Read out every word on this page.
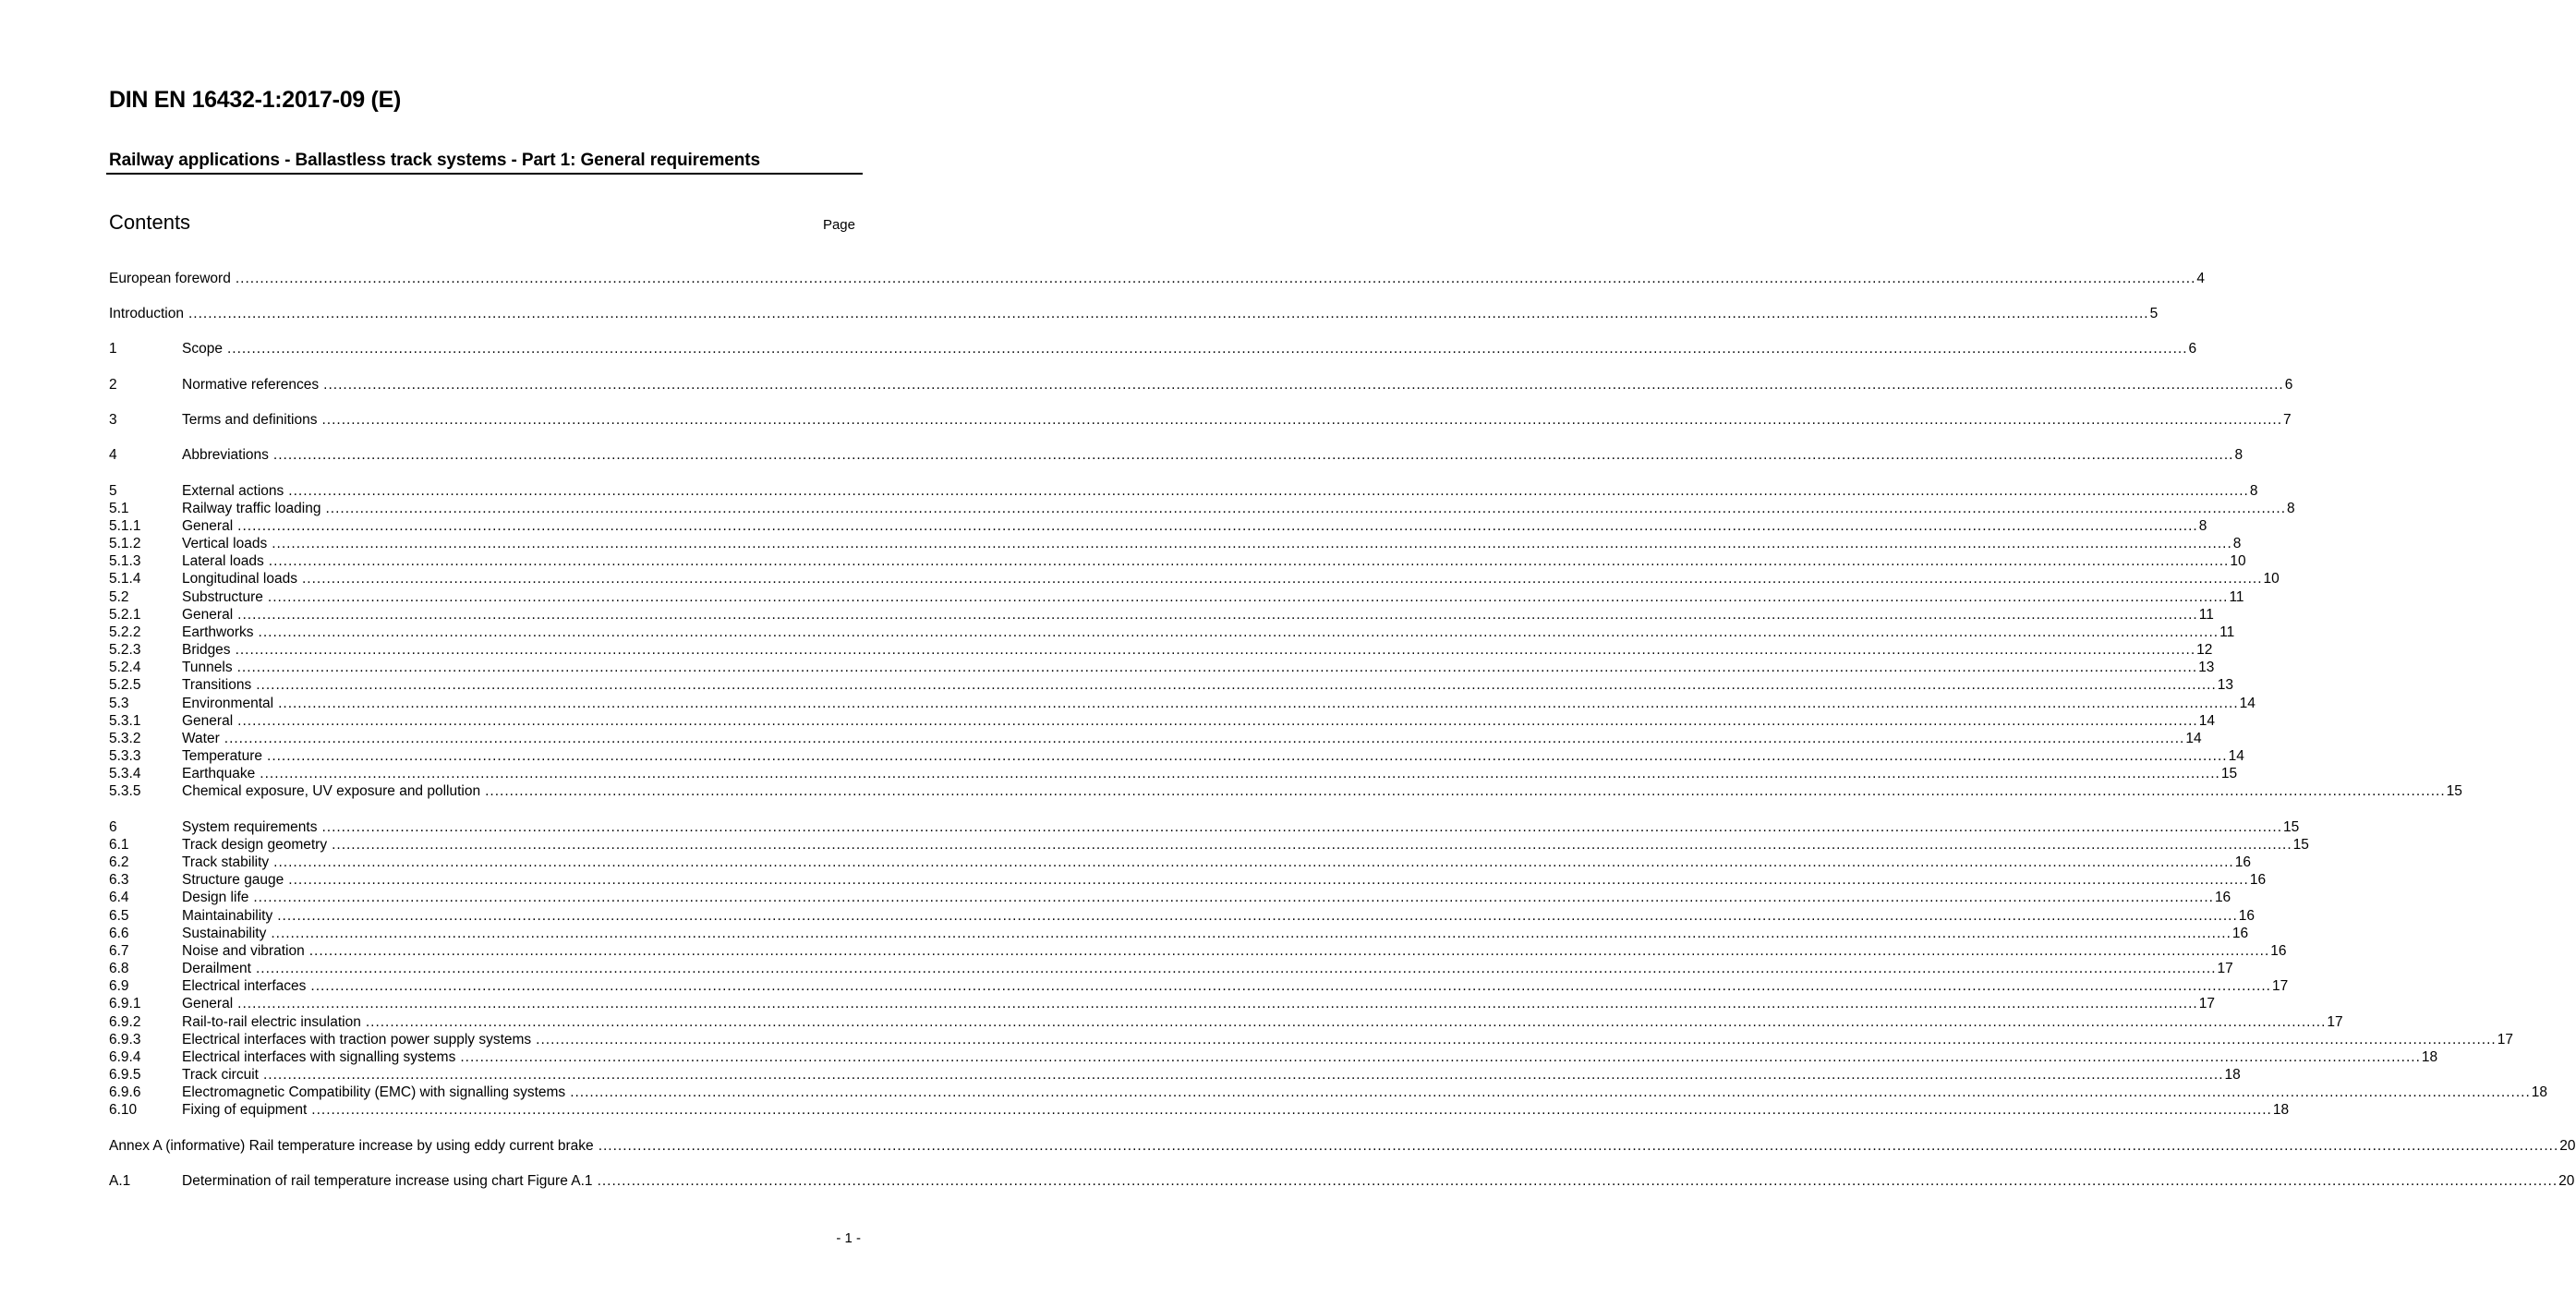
DIN EN 16432-1:2017-09 (E)
Railway applications - Ballastless track systems - Part 1: General requirements
Contents	Page
European foreword ................................................................................................................................................................................................................................................................................................................................................................................................................ 4
Introduction ................................................................................................................................................................................................................................................................................................................................................................................................................ 5
1	Scope ................................................................................................................................................................................................................................................................................................................................................................................................................ 6
2	Normative references ................................................................................................................................................................................................................................................................................................................................................................................................................ 6
3	Terms and definitions ................................................................................................................................................................................................................................................................................................................................................................................................................ 7
4	Abbreviations ................................................................................................................................................................................................................................................................................................................................................................................................................ 8
5	External actions ................................................................................................................................................................................................................................................................................................................................................................................................................ 8
5.1	Railway traffic loading ................................................................................................................................................................................................................................................................................................................................................................................................................ 8
5.1.1	General ................................................................................................................................................................................................................................................................................................................................................................................................................ 8
5.1.2	Vertical loads ................................................................................................................................................................................................................................................................................................................................................................................................................ 8
5.1.3	Lateral loads ................................................................................................................................................................................................................................................................................................................................................................................................................ 10
5.1.4	Longitudinal loads ................................................................................................................................................................................................................................................................................................................................................................................................................ 10
5.2	Substructure ................................................................................................................................................................................................................................................................................................................................................................................................................ 11
5.2.1	General ................................................................................................................................................................................................................................................................................................................................................................................................................ 11
5.2.2	Earthworks ................................................................................................................................................................................................................................................................................................................................................................................................................ 11
5.2.3	Bridges ................................................................................................................................................................................................................................................................................................................................................................................................................ 12
5.2.4	Tunnels ................................................................................................................................................................................................................................................................................................................................................................................................................ 13
5.2.5	Transitions ................................................................................................................................................................................................................................................................................................................................................................................................................ 13
5.3	Environmental ................................................................................................................................................................................................................................................................................................................................................................................................................ 14
5.3.1	General ................................................................................................................................................................................................................................................................................................................................................................................................................ 14
5.3.2	Water ................................................................................................................................................................................................................................................................................................................................................................................................................ 14
5.3.3	Temperature ................................................................................................................................................................................................................................................................................................................................................................................................................ 14
5.3.4	Earthquake ................................................................................................................................................................................................................................................................................................................................................................................................................ 15
5.3.5	Chemical exposure, UV exposure and pollution ................................................................................................................................................................................................................................................................................................................................................................................................................ 15
6	System requirements ................................................................................................................................................................................................................................................................................................................................................................................................................ 15
6.1	Track design geometry ................................................................................................................................................................................................................................................................................................................................................................................................................ 15
6.2	Track stability ................................................................................................................................................................................................................................................................................................................................................................................................................ 16
6.3	Structure gauge ................................................................................................................................................................................................................................................................................................................................................................................................................ 16
6.4	Design life ................................................................................................................................................................................................................................................................................................................................................................................................................ 16
6.5	Maintainability ................................................................................................................................................................................................................................................................................................................................................................................................................ 16
6.6	Sustainability ................................................................................................................................................................................................................................................................................................................................................................................................................ 16
6.7	Noise and vibration ................................................................................................................................................................................................................................................................................................................................................................................................................ 16
6.8	Derailment ................................................................................................................................................................................................................................................................................................................................................................................................................ 17
6.9	Electrical interfaces ................................................................................................................................................................................................................................................................................................................................................................................................................ 17
6.9.1	General ................................................................................................................................................................................................................................................................................................................................................................................................................ 17
6.9.2	Rail-to-rail electric insulation ................................................................................................................................................................................................................................................................................................................................................................................................................ 17
6.9.3	Electrical interfaces with traction power supply systems ................................................................................................................................................................................................................................................................................................................................................................................................................ 17
6.9.4	Electrical interfaces with signalling systems ................................................................................................................................................................................................................................................................................................................................................................................................................ 18
6.9.5	Track circuit ................................................................................................................................................................................................................................................................................................................................................................................................................ 18
6.9.6	Electromagnetic Compatibility (EMC) with signalling systems ................................................................................................................................................................................................................................................................................................................................................................................................................ 18
6.10	Fixing of equipment ................................................................................................................................................................................................................................................................................................................................................................................................................ 18
Annex A (informative) Rail temperature increase by using eddy current brake ................................................................................................................................................................................................................................................................................................................................................................................................................ 20
A.1	Determination of rail temperature increase using chart Figure A.1 ................................................................................................................................................................................................................................................................................................................................................................................................................ 20
- 1 -
